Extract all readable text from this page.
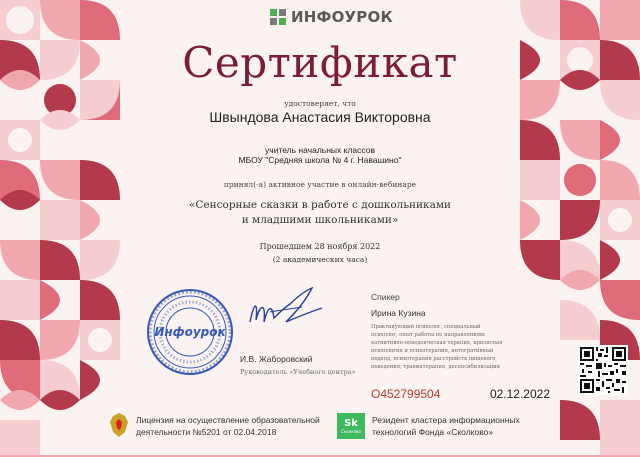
ИНФОУРОК
Сертификат
удостоверяет, что
Швындова Анастасия Викторовна
учитель начальных классов
МБОУ "Средняя школа № 4 г. Навашино"
принял(-а) активное участие в онлайн-вебинаре
«Сенсорные сказки в работе с дошкольниками
и младшими школьниками»
Прошедшем 28 ноября 2022
(2 академических часа)
Инфоурок
И.В. Жаборовский
Руководитель «Учебного центра»
Спикер
Ирина Кузина
Практикующий психолог, специальный
психолог, опыт работы по направлениям:
когнитивно-поведенческая терапия, кризисная
психология и психотерапия, интегративный
подход, психотерапия расстройств пищевого
поведения, травматерапия, десенсибилизация
О452799504	02.12.2022
Лицензия на осуществление образовательной
деятельности №5201 от 02.04.2018
Sk
Сколково
Резидент кластера информационных
технологий Фонда «Сколково»
